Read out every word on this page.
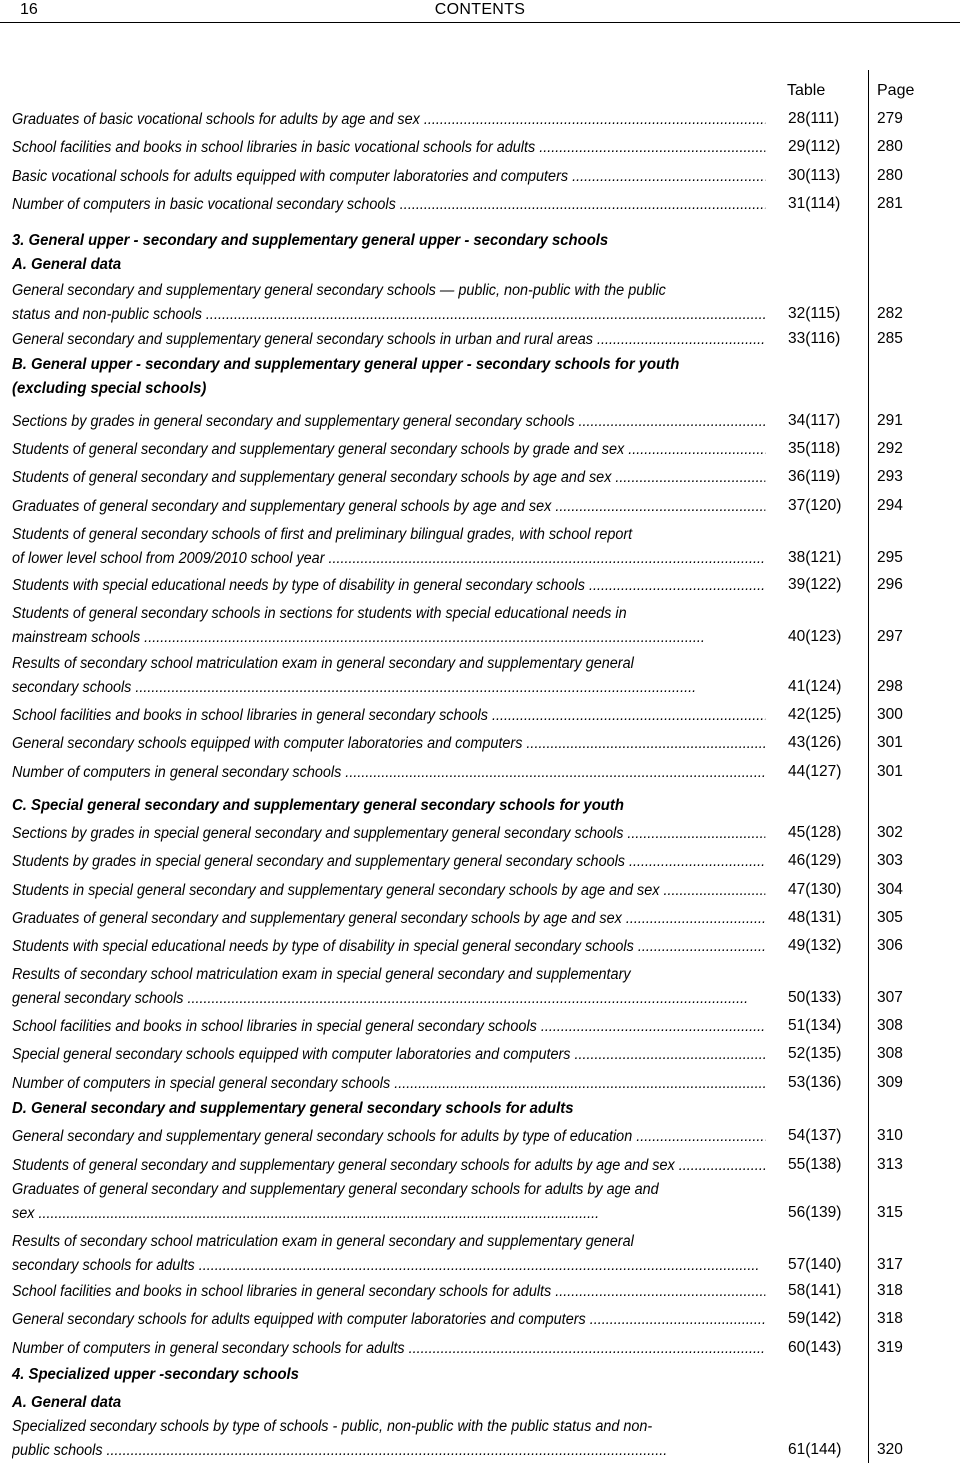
16	CONTENTS
Table	Page
3. General upper - secondary and supplementary general upper - secondary schools
A. General data
B. General upper - secondary and supplementary general upper - secondary schools for youth
(excluding special schools)
C. Special general secondary and supplementary general secondary schools for youth
D. General secondary and supplementary general secondary schools for adults
4. Specialized upper -secondary schools
A. General data
Graduates of basic vocational schools for adults by age and sex .....	28(111) 279
School facilities and books in school libraries in basic vocational schools for adults .....	29(112) 280
Basic vocational schools for adults equipped with computer laboratories and computers .....	30(113) 280
Number of computers in basic vocational secondary schools .....	31(114) 281
General secondary and supplementary general secondary schools — public, non-public with the public
status and non-public schools .....	32(115) 282
General secondary and supplementary general secondary schools in urban and rural areas .....	33(116) 285
Sections by grades in general secondary and supplementary general secondary schools .....	34(117) 291
Students of general secondary and supplementary general secondary schools by grade and sex .....	35(118) 292
Students of general secondary and supplementary general secondary schools by age and sex .....	36(119) 293
Graduates of general secondary and supplementary general schools by age and sex .....	37(120) 294
Students of general secondary schools of first and preliminary bilingual grades, with school report
of lower level school from 2009/2010 school year .....	38(121) 295
Students with special educational needs by type of disability in general secondary schools .....	39(122) 296
Students of general secondary schools in sections for students with special educational needs in
mainstream schools .....	40(123) 297
Results of secondary school matriculation exam in general secondary and supplementary general
secondary schools .....	41(124) 298
School facilities and books in school libraries in general secondary schools .....	42(125) 300
General secondary schools equipped with computer laboratories and computers .....	43(126) 301
Number of computers in general secondary schools .....	44(127) 301
Sections by grades in special general secondary and supplementary general secondary schools .....	45(128) 302
Students by grades in special general secondary and supplementary general secondary schools .....	46(129) 303
Students in special general secondary and supplementary general secondary schools by age and sex .....	47(130) 304
Graduates of general secondary and supplementary general secondary schools by age and sex .....	48(131) 305
Students with special educational needs by type of disability in special general secondary schools .....	49(132) 306
Results of secondary school matriculation exam in special general secondary and supplementary
general secondary schools .....	50(133) 307
School facilities and books in school libraries in special general secondary schools .....	51(134) 308
Special general secondary schools equipped with computer laboratories and computers .....	52(135) 308
Number of computers in special general secondary schools .....	53(136) 309
General secondary and supplementary general secondary schools for adults by type of education .....	54(137) 310
Students of general secondary and supplementary general secondary schools for adults by age and sex .....	55(138) 313
Graduates of general secondary and supplementary general secondary schools for adults by age and
sex .....	56(139) 315
Results of secondary school matriculation exam in general secondary and supplementary general
secondary schools for adults .....	57(140) 317
School facilities and books in school libraries in general secondary schools for adults .....	58(141) 318
General secondary schools for adults equipped with computer laboratories and computers .....	59(142) 318
Number of computers in general secondary schools for adults .....	60(143) 319
Specialized secondary schools by type of schools - public, non-public with the public status and non-
public schools .....	61(144) 320
